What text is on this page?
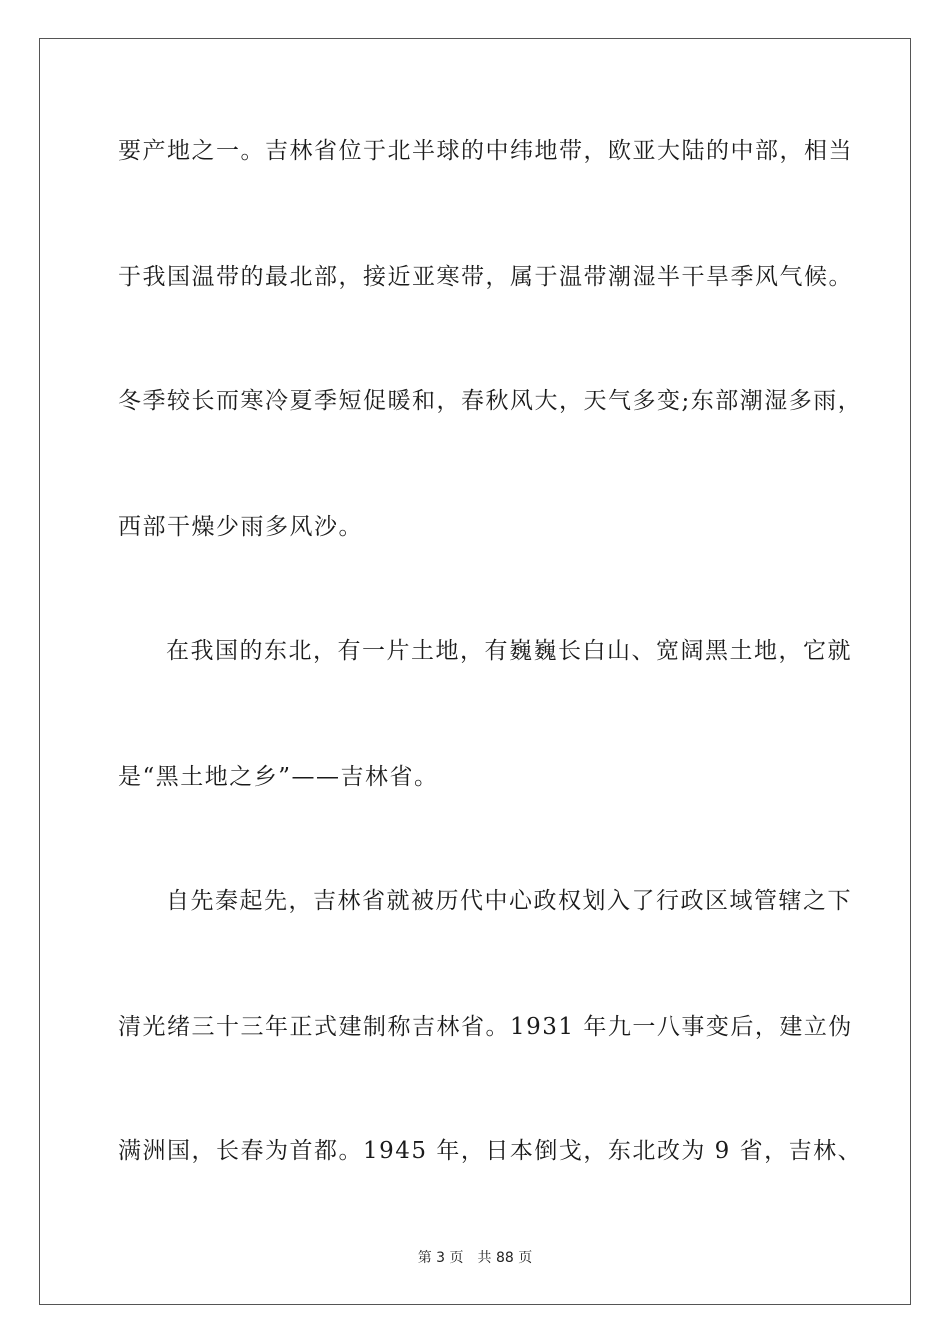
要产地之一。吉林省位于北半球的中纬地带，欧亚大陆的中部，相当
于我国温带的最北部，接近亚寒带，属于温带潮湿半干旱季风气候。
冬季较长而寒冷夏季短促暖和，春秋风大，天气多变;东部潮湿多雨，
西部干燥少雨多风沙。
在我国的东北，有一片土地，有巍巍长白山、宽阔黑土地，它就
是“黑土地之乡”——吉林省。
自先秦起先，吉林省就被历代中心政权划入了行政区域管辖之下
清光绪三十三年正式建制称吉林省。1931 年九一八事变后，建立伪
满洲国，长春为首都。1945 年，日本倒戈，东北改为 9 省，吉林、
第 3 页 共 88 页
